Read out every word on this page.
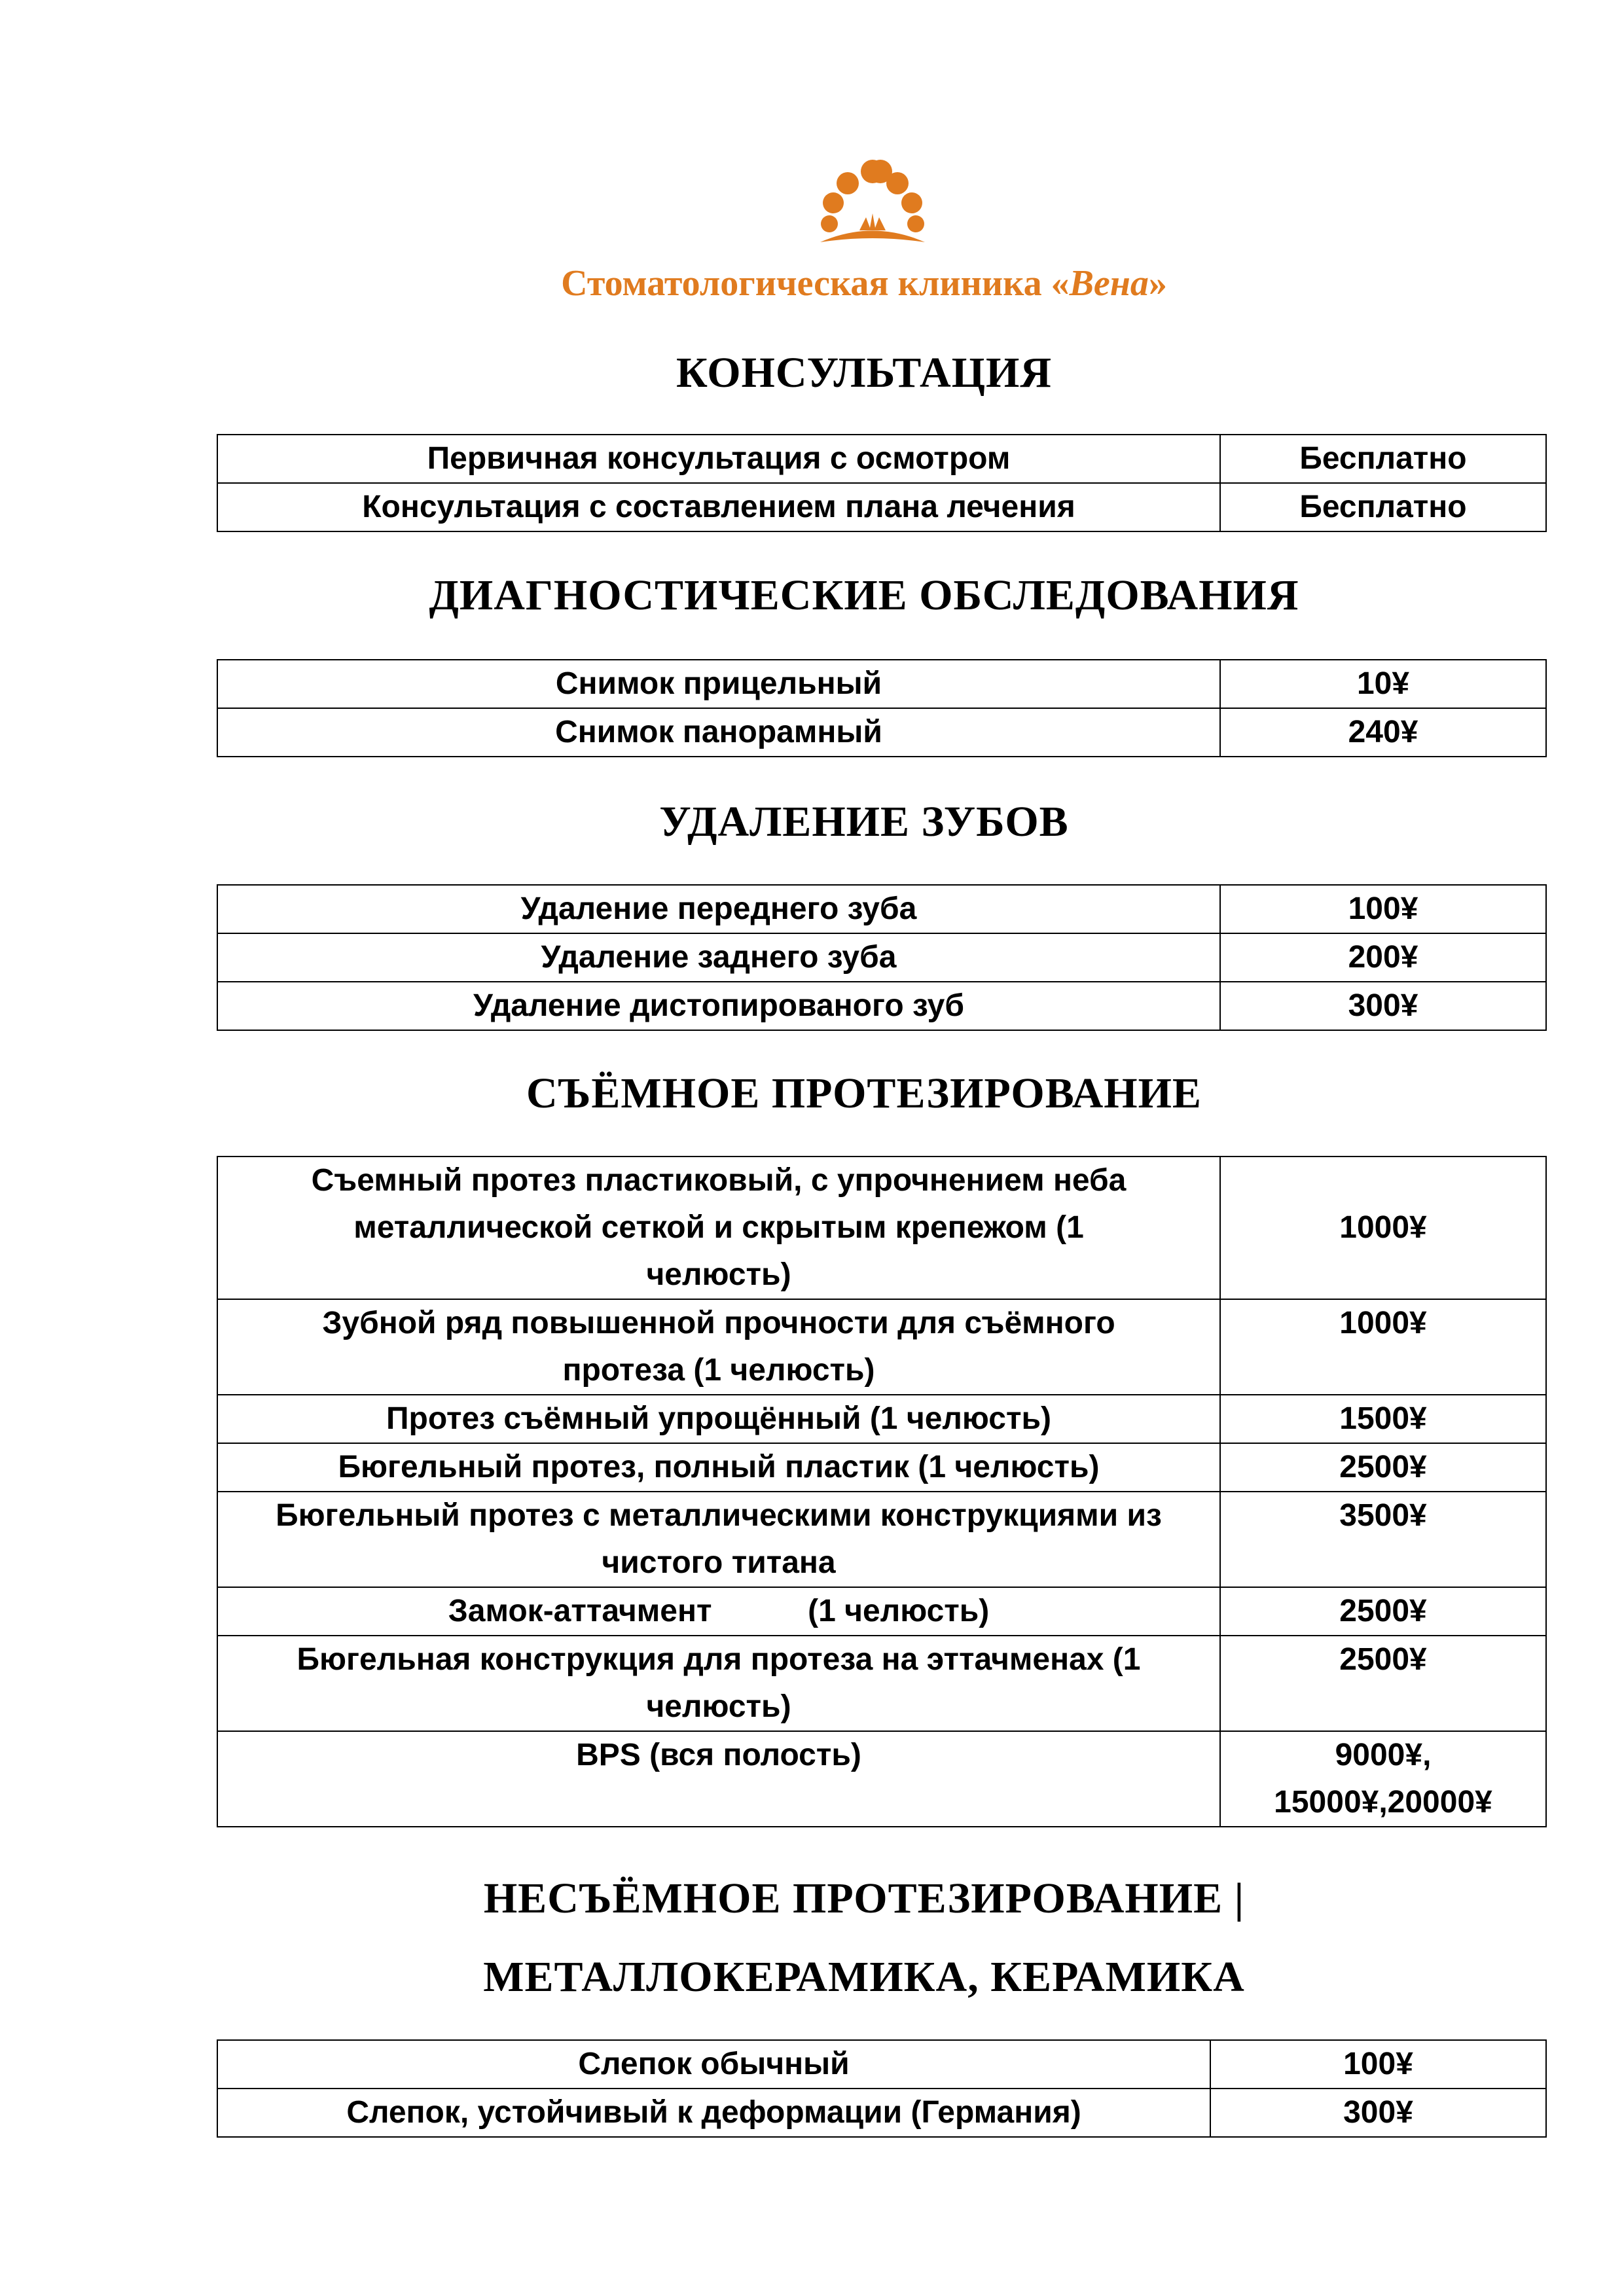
Стоматологическая клиника «Вена»
КОНСУЛЬТАЦИЯ
Первичная консультация с осмотром	Бесплатно
Консультация с составлением плана лечения	Бесплатно
ДИАГНОСТИЧЕСКИЕ ОБСЛЕДОВАНИЯ
Снимок прицельный	10¥
Снимок панорамный	240¥
УДАЛЕНИЕ ЗУБОВ
Удаление переднего зуба	100¥
Удаление заднего зуба	200¥
Удаление дистопированого зуб	300¥
СЪЁМНОЕ ПРОТЕЗИРОВАНИЕ
Съемный протез пластиковый, с упрочнением неба
металлической сеткой и скрытым крепежом (1
челюсть)	1000¥

Зубной ряд повышенной прочности для съёмного
протеза (1 челюсть)	1000¥

Протез съёмный упрощённый (1 челюсть)	1500¥

Бюгельный протез, полный пластик (1 челюсть)	2500¥

Бюгельный протез с металлическими конструкциями из
чистого титана	3500¥

Замок-аттачмент           (1 челюсть)	2500¥

Бюгельная конструкция для протеза на эттачменах (1
челюсть)	2500¥

BPS (вся полость)	9000¥,
15000¥,20000¥
НЕСЪЁМНОЕ ПРОТЕЗИРОВАНИЕ |
МЕТАЛЛОКЕРАМИКА, КЕРАМИКА
Слепок обычный	100¥
Слепок, устойчивый к деформации (Германия)	300¥
